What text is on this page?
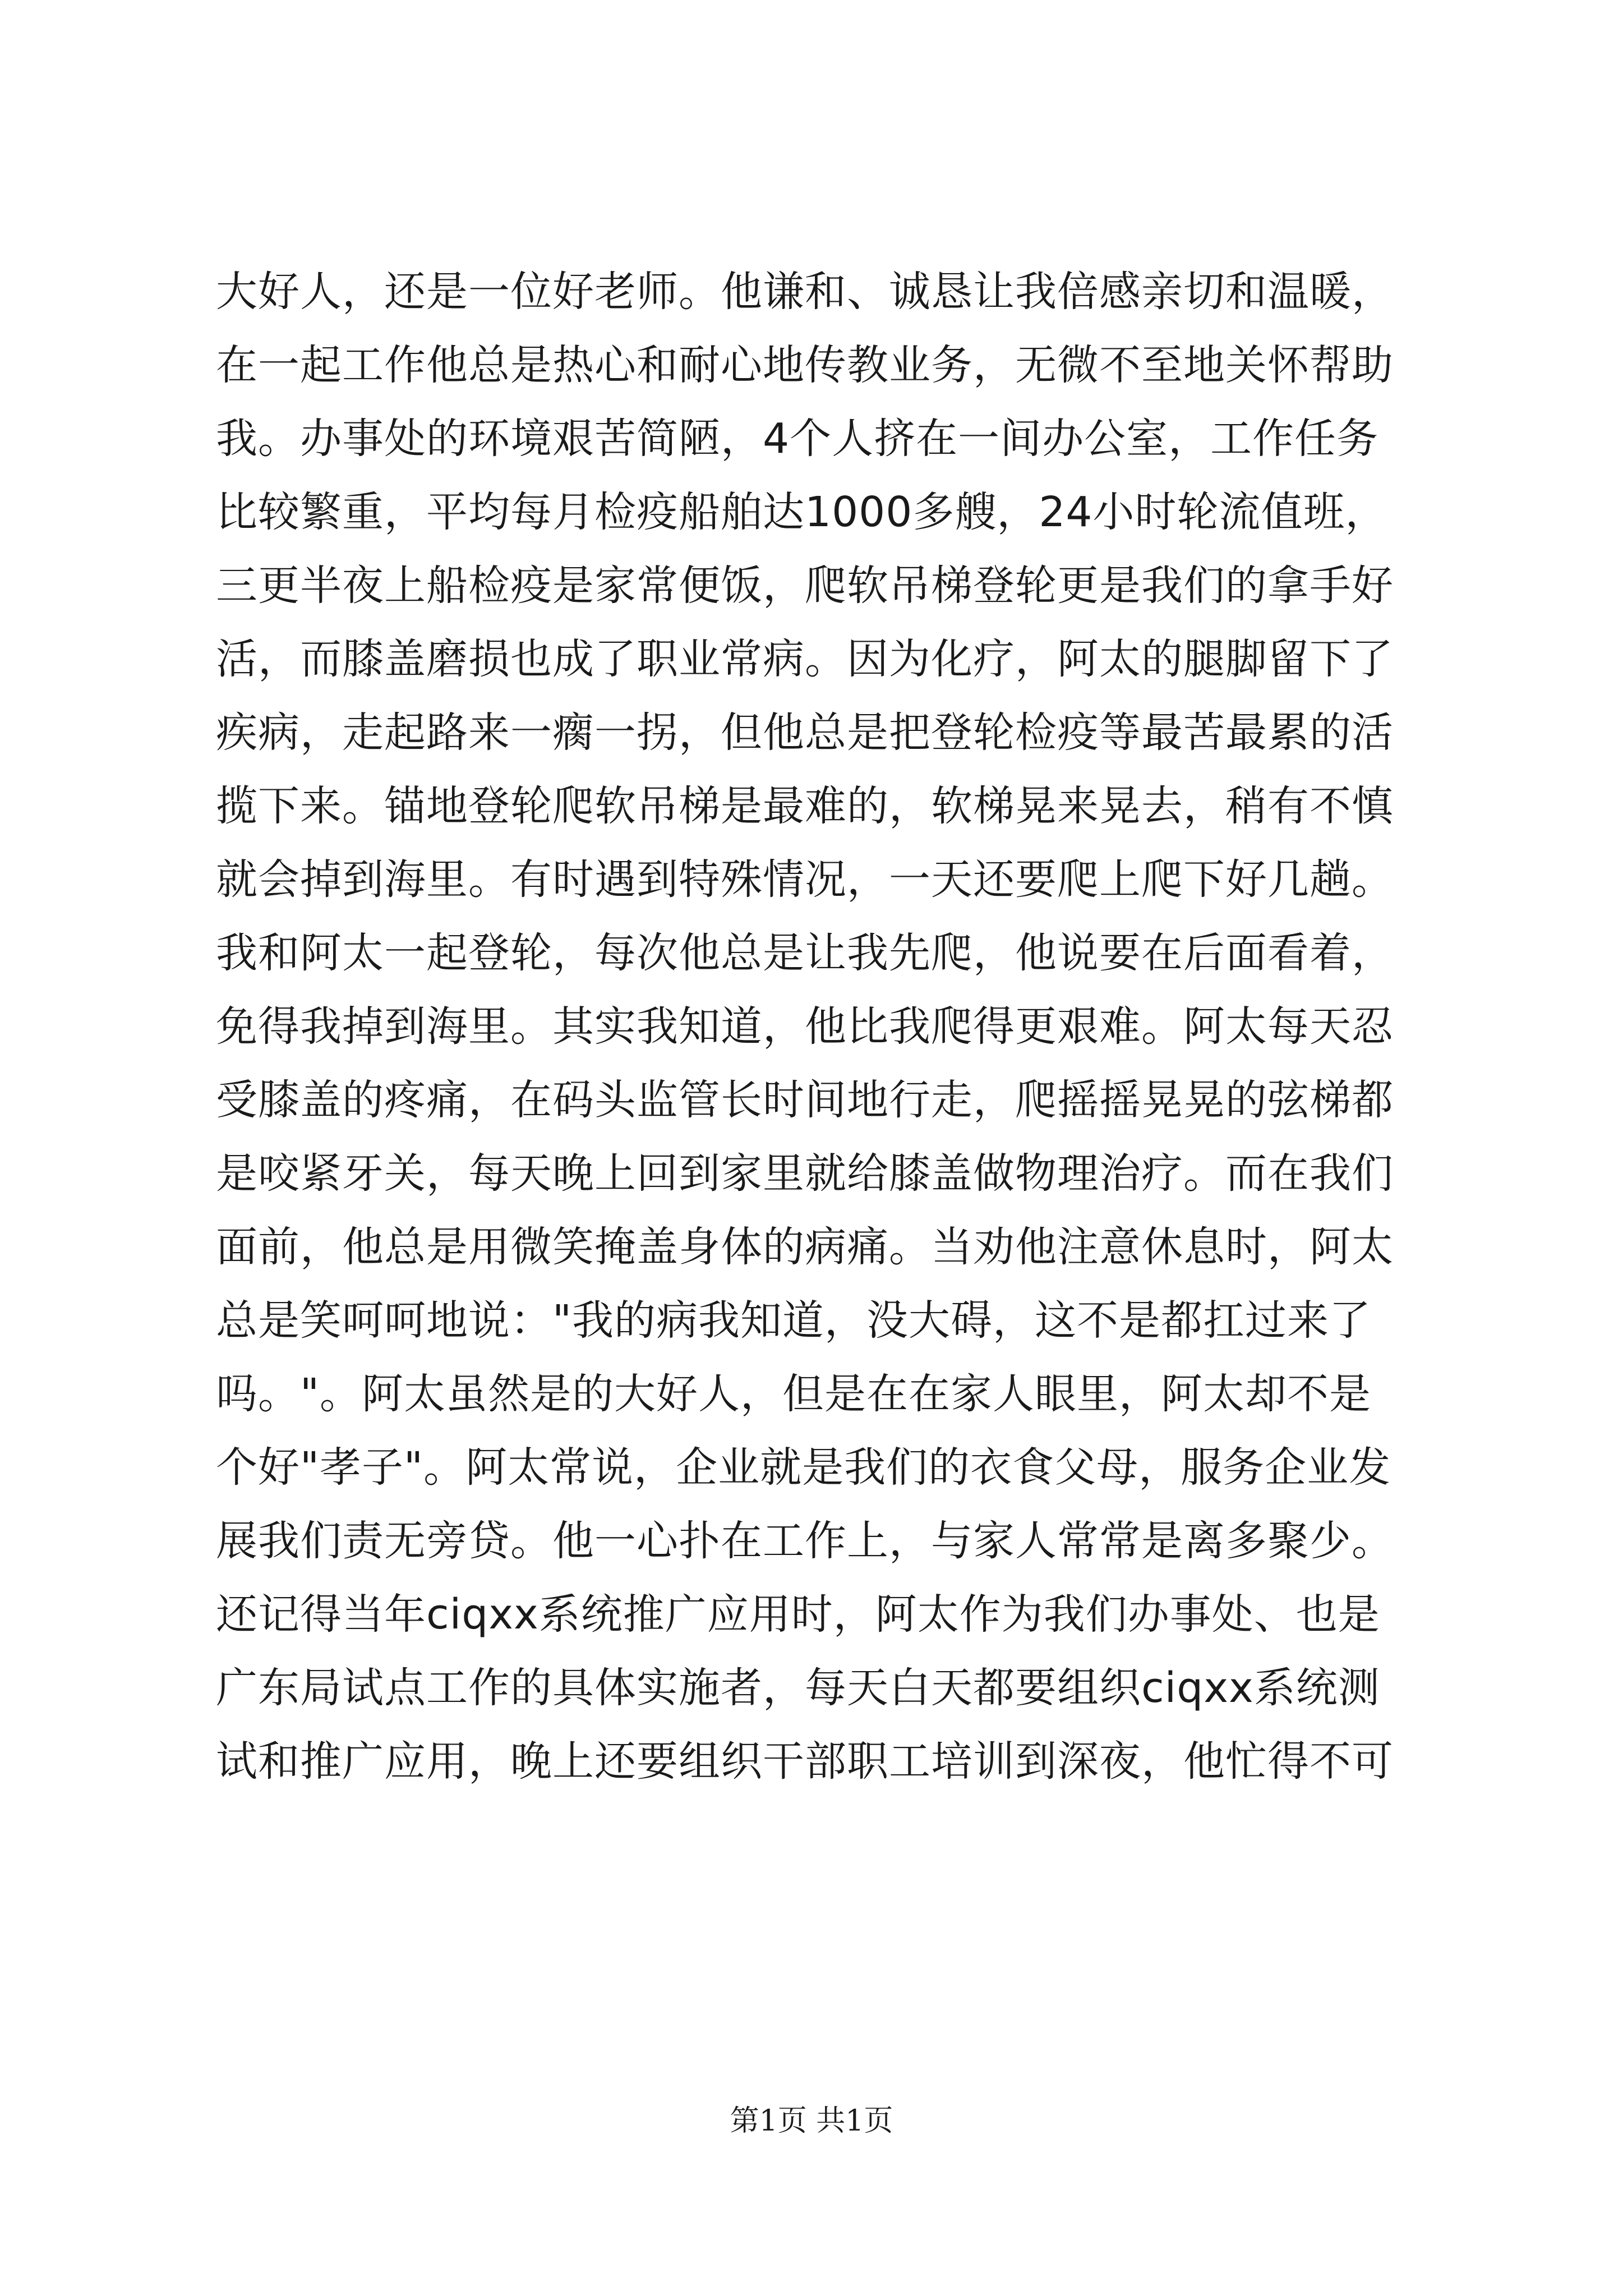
大好人，还是一位好老师。他谦和、诚恳让我倍感亲切和温暖，
在一起工作他总是热心和耐心地传教业务，无微不至地关怀帮助
我。办事处的环境艰苦简陋，4个人挤在一间办公室，工作任务
比较繁重，平均每月检疫船舶达1000多艘，24小时轮流值班，
三更半夜上船检疫是家常便饭，爬软吊梯登轮更是我们的拿手好
活，而膝盖磨损也成了职业常病。因为化疗，阿太的腿脚留下了
疾病，走起路来一瘸一拐，但他总是把登轮检疫等最苦最累的活
揽下来。锚地登轮爬软吊梯是最难的，软梯晃来晃去，稍有不慎
就会掉到海里。有时遇到特殊情况，一天还要爬上爬下好几趟。
我和阿太一起登轮，每次他总是让我先爬，他说要在后面看着，
免得我掉到海里。其实我知道，他比我爬得更艰难。阿太每天忍
受膝盖的疼痛，在码头监管长时间地行走，爬摇摇晃晃的弦梯都
是咬紧牙关，每天晚上回到家里就给膝盖做物理治疗。而在我们
面前，他总是用微笑掩盖身体的病痛。当劝他注意休息时，阿太
总是笑呵呵地说："我的病我知道，没大碍，这不是都扛过来了
吗。"。阿太虽然是的大好人，但是在在家人眼里，阿太却不是
个好"孝子"。阿太常说，企业就是我们的衣食父母，服务企业发
展我们责无旁贷。他一心扑在工作上，与家人常常是离多聚少。
还记得当年ciqxx系统推广应用时，阿太作为我们办事处、也是
广东局试点工作的具体实施者，每天白天都要组织ciqxx系统测
试和推广应用，晚上还要组织干部职工培训到深夜，他忙得不可
第1页 共1页
